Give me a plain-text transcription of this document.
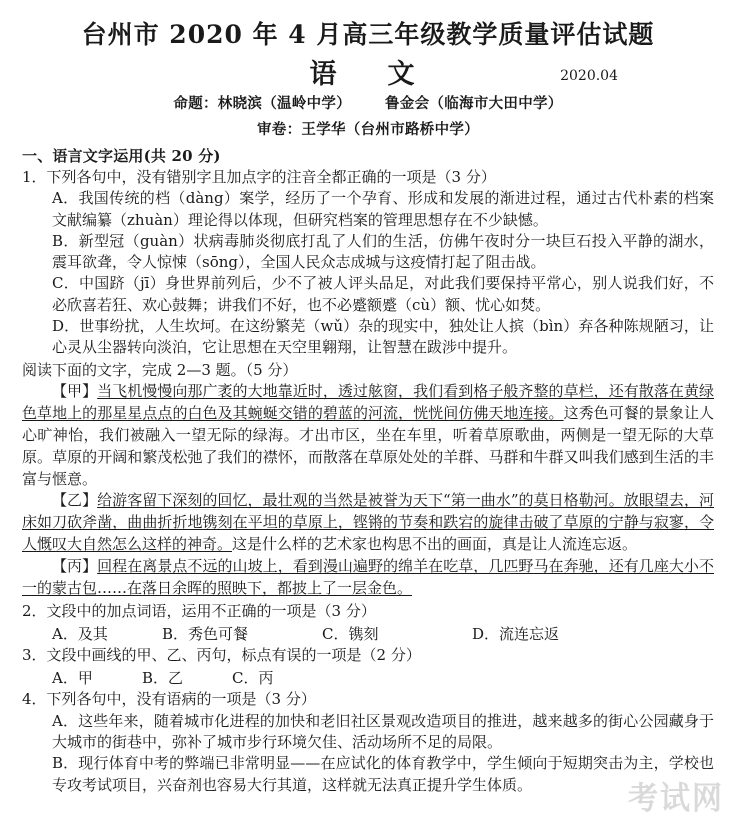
台州市 2020 年 4 月高三年级教学质量评估试题
语　文	2020.04
命题：林晓滨（温岭中学） 鲁金会（临海市大田中学）
审卷：王学华（台州市路桥中学）
一、语言文字运用(共 20 分)
1．下列各句中，没有错别字且加点字的注音全都正确的一项是（3 分）
A．我国传统的档（dàng）案学，经历了一个孕育、形成和发展的渐进过程，通过古代朴素的档案文献编纂（zhuàn）理论得以体现，但研究档案的管理思想存在不少缺憾。
B．新型冠（guàn）状病毒肺炎彻底打乱了人们的生活，仿佛午夜时分一块巨石投入平静的湖水，震耳欲聋，令人惊悚（sōng），全国人民众志成城与这疫情打起了阻击战。
C．中国跻（jī）身世界前列后，少不了被人评头品足，对此我们要保持平常心，别人说我们好，不必欣喜若狂、欢心鼓舞；讲我们不好，也不必蹙额蹙（cù）额、忧心如焚。
D．世事纷扰，人生坎坷。在这纷繁芜（wǔ）杂的现实中，独处让人摈（bìn）弃各种陈规陋习，让心灵从尘器转向淡泊，它让思想在天空里翱翔，让智慧在跋涉中提升。
阅读下面的文字，完成 2—3 题。（5 分）
【甲】当飞机慢慢向那广袤的大地靠近时，透过舷窗，我们看到格子般齐整的草栏，还有散落在黄绿色草地上的那星星点点的白色及其蜿蜒交错的碧蓝的河流，恍恍间仿佛天地连接。这秀色可餐的景象让人心旷神怡，我们被融入一望无际的绿海。才出市区，坐在车里，听着草原歌曲，两侧是一望无际的大草原。草原的开阔和繁茂松弛了我们的襟怀，而散落在草原处处的羊群、马群和牛群又叫我们感到生活的丰富与惬意。
【乙】给游客留下深刻的回忆，最壮观的当然是被誉为天下“第一曲水”的莫日格勒河。放眼望去，河床如刀砍斧凿，曲曲折折地镌刻在平坦的草原上，铿锵的节奏和跌宕的旋律击破了草原的宁静与寂寥，令人慨叹大自然怎么这样的神奇。这是什么样的艺术家也构思不出的画面，真是让人流连忘返。
【丙】回程在离景点不远的山坡上，看到漫山遍野的绵羊在吃草，几匹野马在奔驰，还有几座大小不一的蒙古包……在落日余晖的照映下，都披上了一层金色。
2．文段中的加点词语，运用不正确的一项是（3 分）
A．及其	B．秀色可餐	C．镌刻	D．流连忘返
3．文段中画线的甲、乙、丙句，标点有误的一项是（2 分）
A．甲	B．乙	C．丙
4．下列各句中，没有语病的一项是（3 分）
A．这些年来，随着城市化进程的加快和老旧社区景观改造项目的推进，越来越多的街心公园藏身于大城市的街巷中，弥补了城市步行环境欠佳、活动场所不足的局限。
B．现行体育中考的弊端已非常明显——在应试化的体育教学中，学生倾向于短期突击为主，学校也专攻考试项目，兴奋剂也容易大行其道，这样就无法真正提升学生体质。	考试网
